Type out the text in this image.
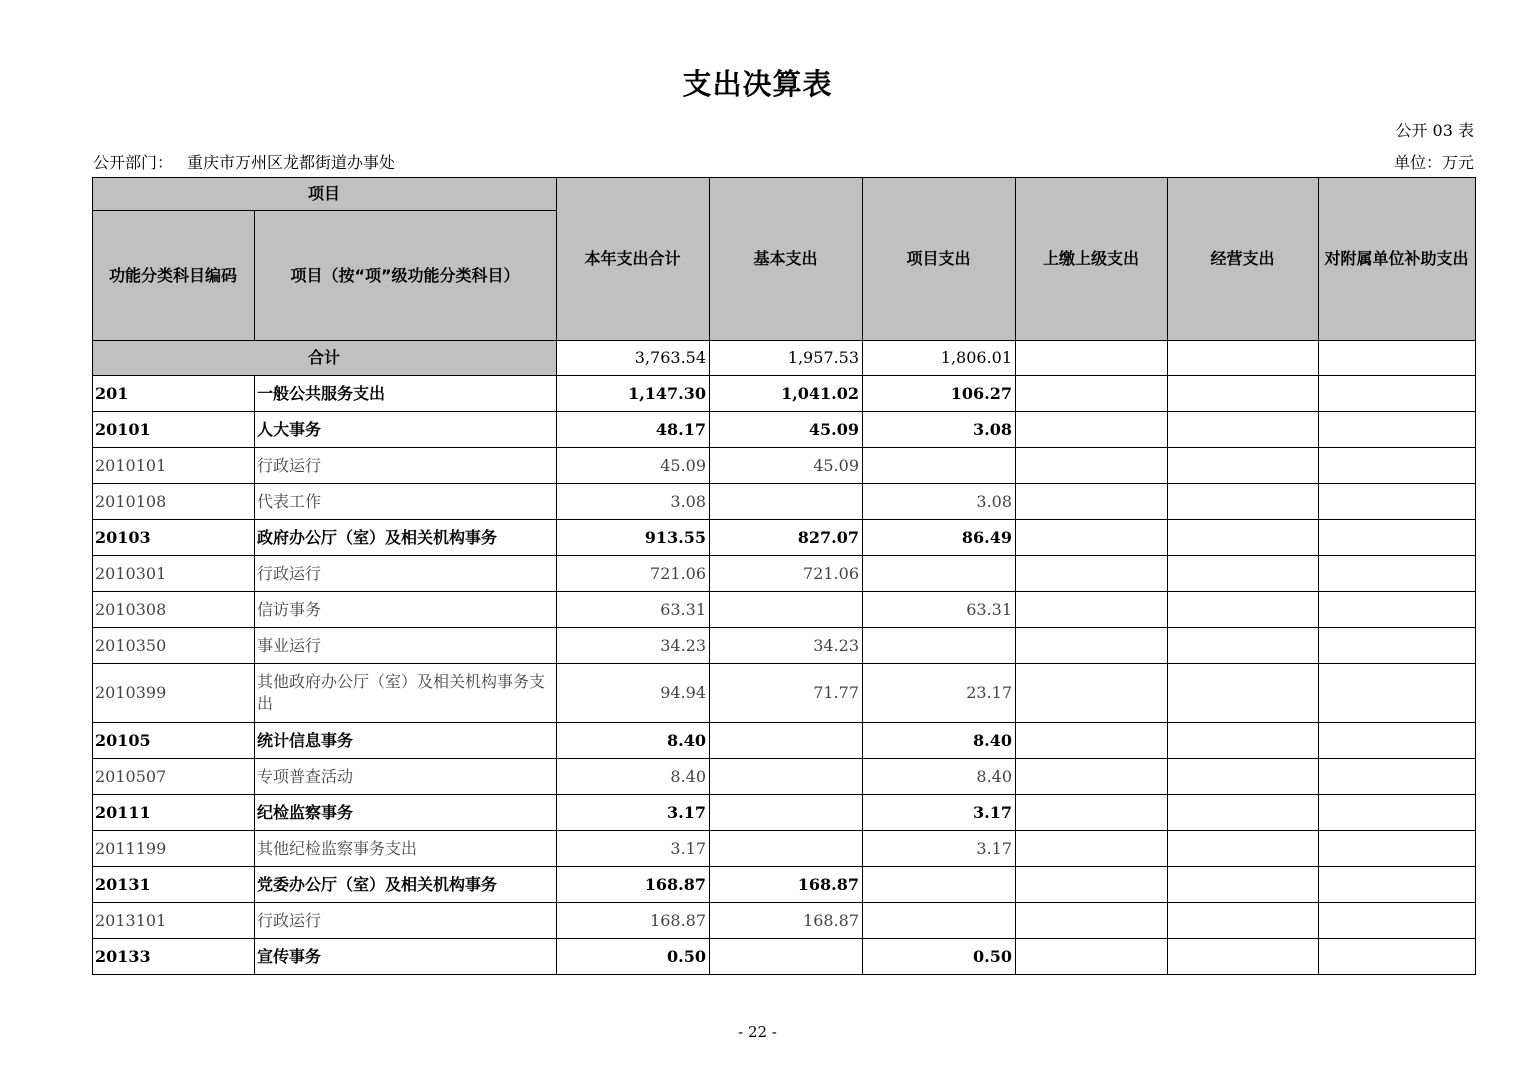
支出决算表
公开 03 表
公开部门： 重庆市万州区龙都街道办事处	单位：万元
项目		本年支出合计	基本支出	项目支出	上缴上级支出	经营支出	对附属单位补助支出
功能分类科目编码	项目（按“项”级功能分类科目）						
合计		3,763.54	1,957.53	1,806.01			
201	一般公共服务支出	1,147.30	1,041.02	106.27			
20101	人大事务	48.17	45.09	3.08			
2010101	行政运行	45.09	45.09				
2010108	代表工作	3.08		3.08			
20103	政府办公厅（室）及相关机构事务	913.55	827.07	86.49			
2010301	行政运行	721.06	721.06				
2010308	信访事务	63.31		63.31			
2010350	事业运行	34.23	34.23				
2010399	其他政府办公厅（室）及相关机构事务支出	94.94	71.77	23.17			
20105	统计信息事务	8.40		8.40			
2010507	专项普查活动	8.40		8.40			
20111	纪检监察事务	3.17		3.17			
2011199	其他纪检监察事务支出	3.17		3.17			
20131	党委办公厅（室）及相关机构事务	168.87	168.87				
2013101	行政运行	168.87	168.87				
20133	宣传事务	0.50		0.50			
- 22 -
